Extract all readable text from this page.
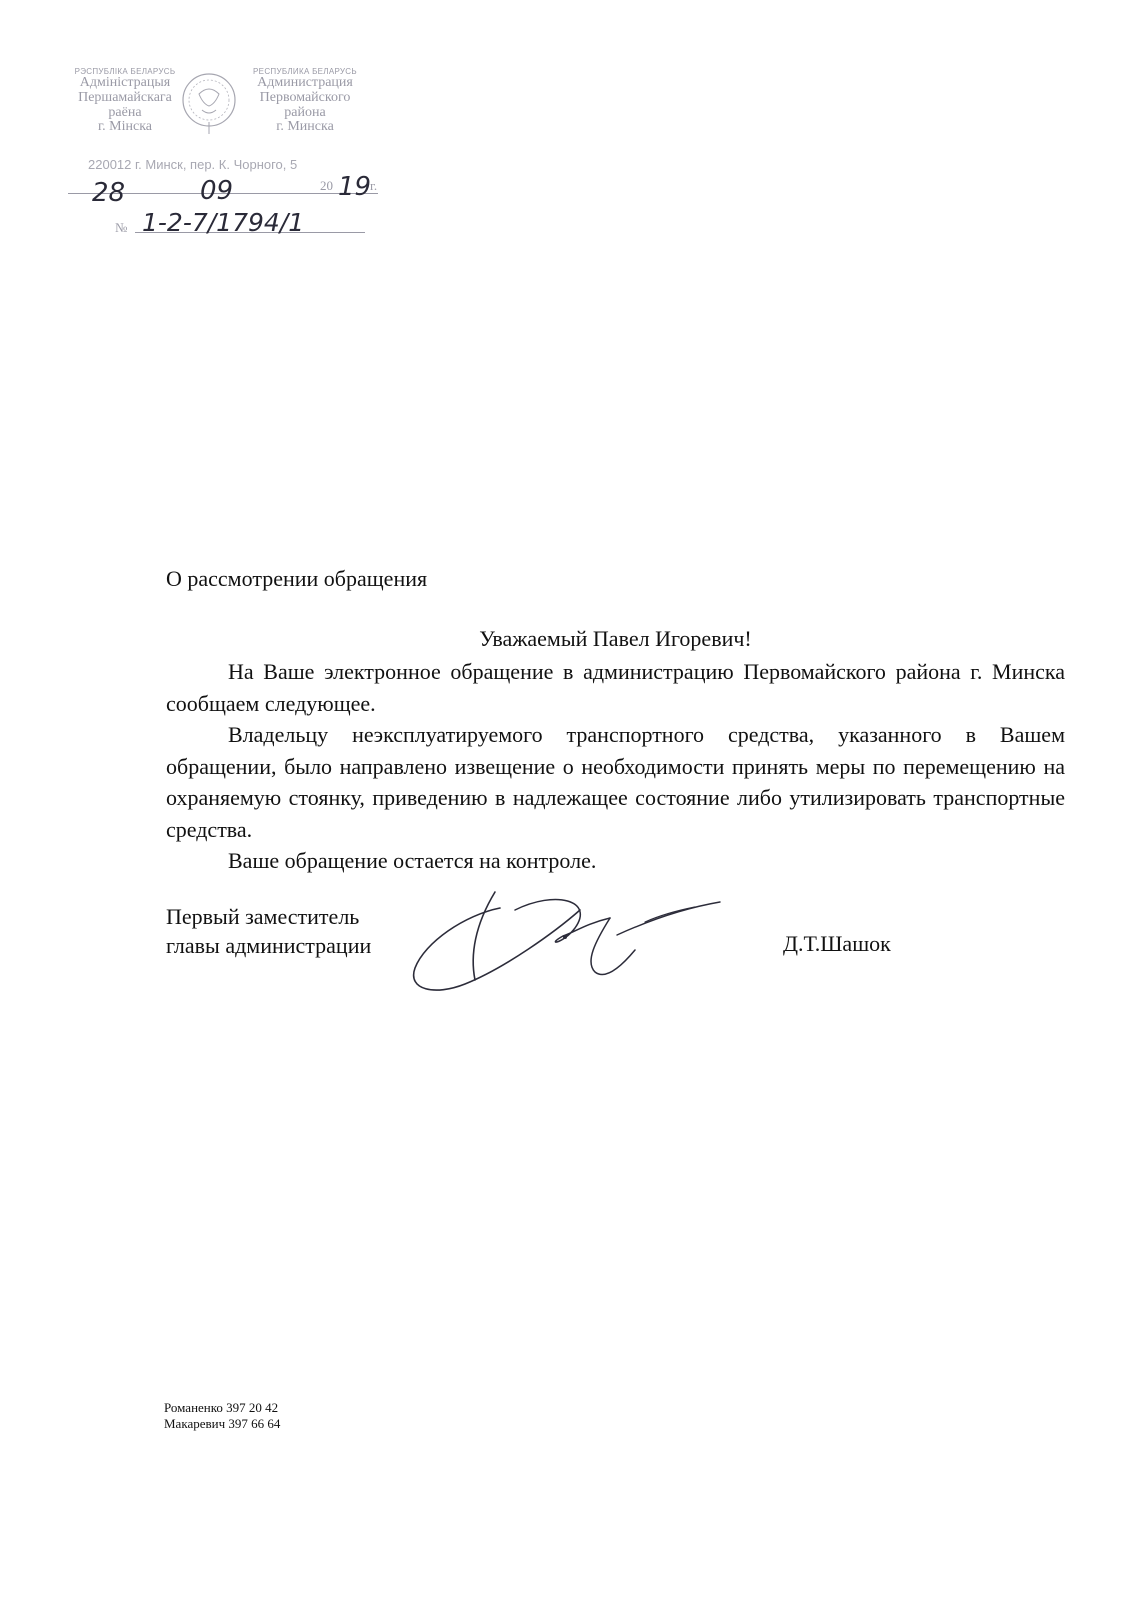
РЭСПУБЛІКА БЕЛАРУСЬ
Адміністрацыя
Першамайскага
раёна
г. Мінска
РЕСПУБЛИКА БЕЛАРУСЬ
Администрация
Первомайского
района
г. Минска
220012 г. Минск, пер. К. Чорного, 5
20	г.
№
28	09	19
1-2-7/1794/1
О рассмотрении обращения
Уважаемый Павел Игоревич!

На Ваше электронное обращение в администрацию Первомайского района г. Минска сообщаем следующее.

Владельцу неэксплуатируемого транспортного средства, указанного в Вашем обращении, было направлено извещение о необходимости принять меры по перемещению на охраняемую стоянку, приведению в надлежащее состояние либо утилизировать транспортные средства.

Ваше обращение остается на контроле.

Первый заместитель
главы администрации	Д.Т.Шашок
Романенко 397 20 42
Макаревич 397 66 64
